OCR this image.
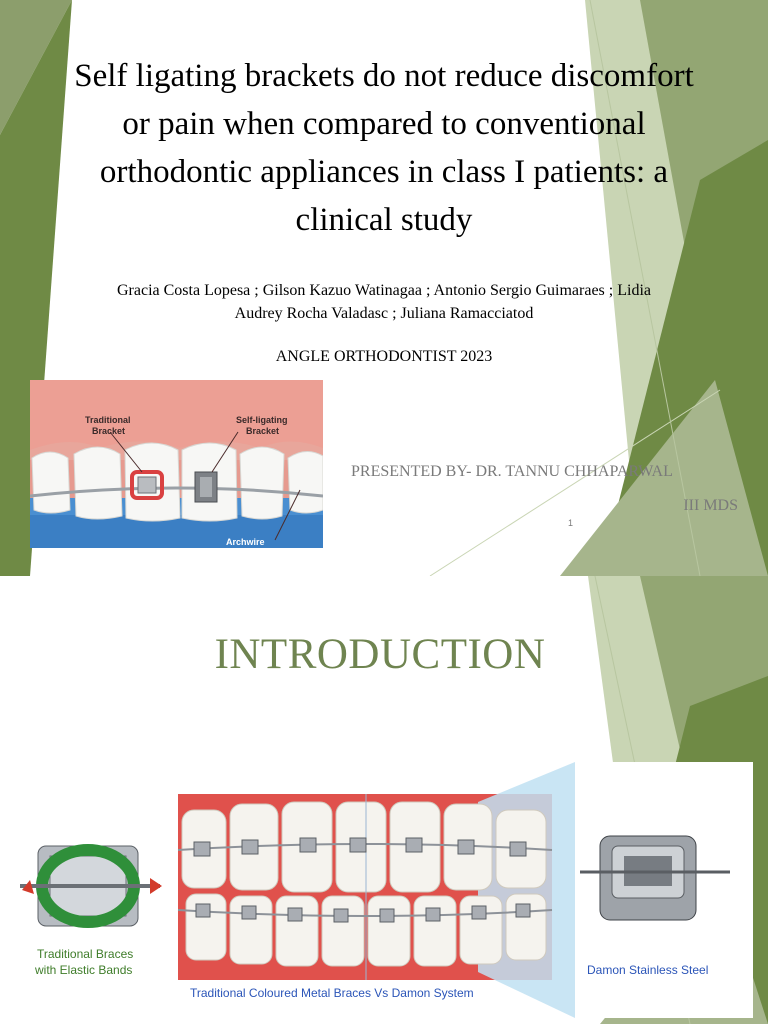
Self ligating brackets do not reduce discomfort or pain when compared to conventional orthodontic appliances in class I patients: a clinical study
Gracia Costa Lopesa ; Gilson Kazuo Watinagaa ; Antonio Sergio Guimaraes ; Lidia
Audrey Rocha Valadasc ; Juliana Ramacciatod
ANGLE ORTHODONTIST 2023
Traditional
Bracket
Self-ligating
Bracket
Archwire
PRESENTED BY- DR. TANNU CHHAPARWAL
III MDS
1
INTRODUCTION
Traditional Braces
with Elastic Bands	Damon Stainless Steel
Traditional Coloured Metal Braces Vs Damon System
